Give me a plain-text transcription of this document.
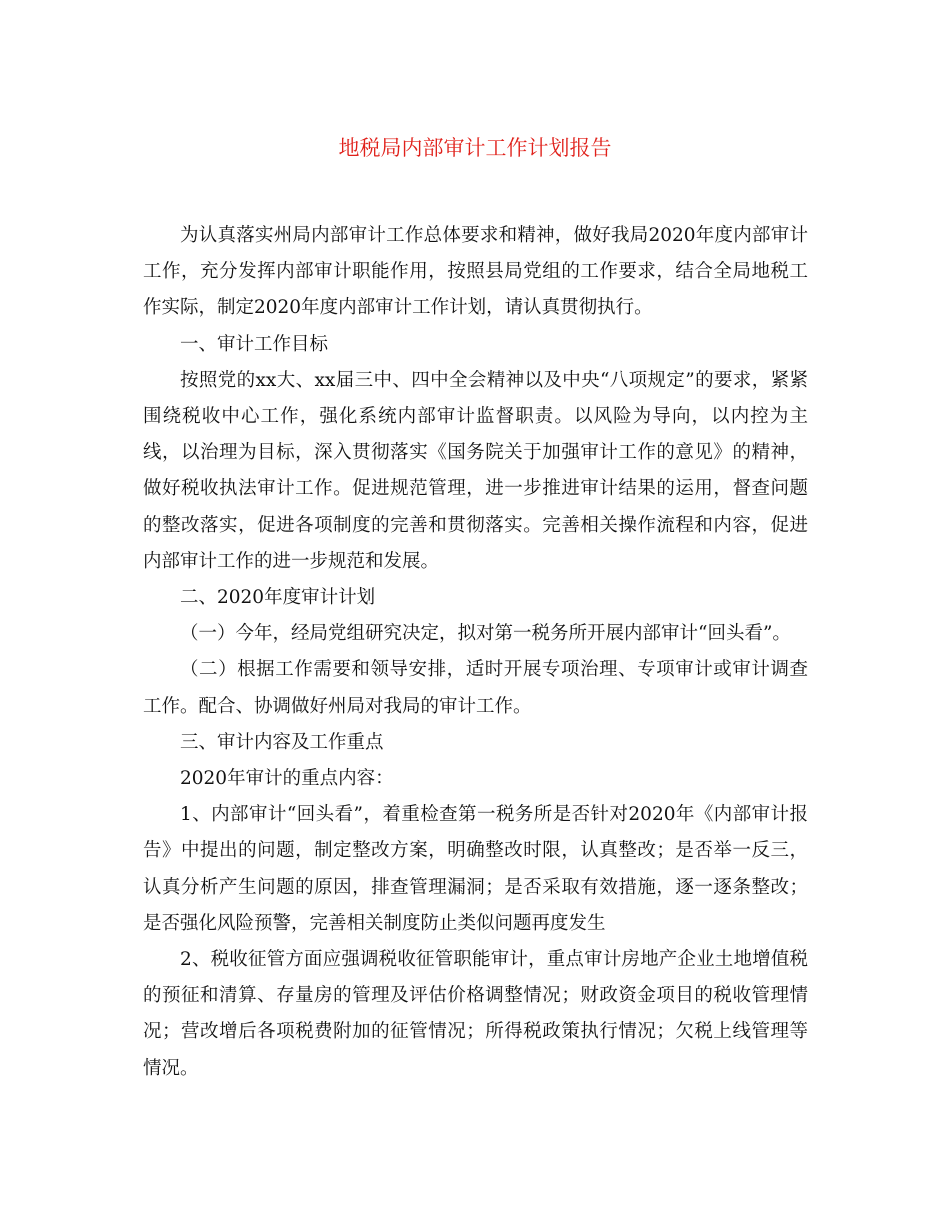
地税局内部审计工作计划报告

为认真落实州局内部审计工作总体要求和精神，做好我局2020年度内部审计工作，充分发挥内部审计职能作用，按照县局党组的工作要求，结合全局地税工作实际，制定2020年度内部审计工作计划，请认真贯彻执行。

一、审计工作目标

按照党的xx大、xx届三中、四中全会精神以及中央“八项规定”的要求，紧紧围绕税收中心工作，强化系统内部审计监督职责。以风险为导向，以内控为主线，以治理为目标，深入贯彻落实《国务院关于加强审计工作的意见》的精神，做好税收执法审计工作。促进规范管理，进一步推进审计结果的运用，督查问题的整改落实，促进各项制度的完善和贯彻落实。完善相关操作流程和内容，促进内部审计工作的进一步规范和发展。

二、2020年度审计计划

（一）今年，经局党组研究决定，拟对第一税务所开展内部审计“回头看”。

（二）根据工作需要和领导安排，适时开展专项治理、专项审计或审计调查工作。配合、协调做好州局对我局的审计工作。

三、审计内容及工作重点

2020年审计的重点内容：

1、内部审计“回头看”，着重检查第一税务所是否针对2020年《内部审计报告》中提出的问题，制定整改方案，明确整改时限，认真整改；是否举一反三，认真分析产生问题的原因，排查管理漏洞；是否采取有效措施，逐一逐条整改；是否强化风险预警，完善相关制度防止类似问题再度发生

2、税收征管方面应强调税收征管职能审计，重点审计房地产企业土地增值税的预征和清算、存量房的管理及评估价格调整情况；财政资金项目的税收管理情况；营改增后各项税费附加的征管情况；所得税政策执行情况；欠税上线管理等情况。
